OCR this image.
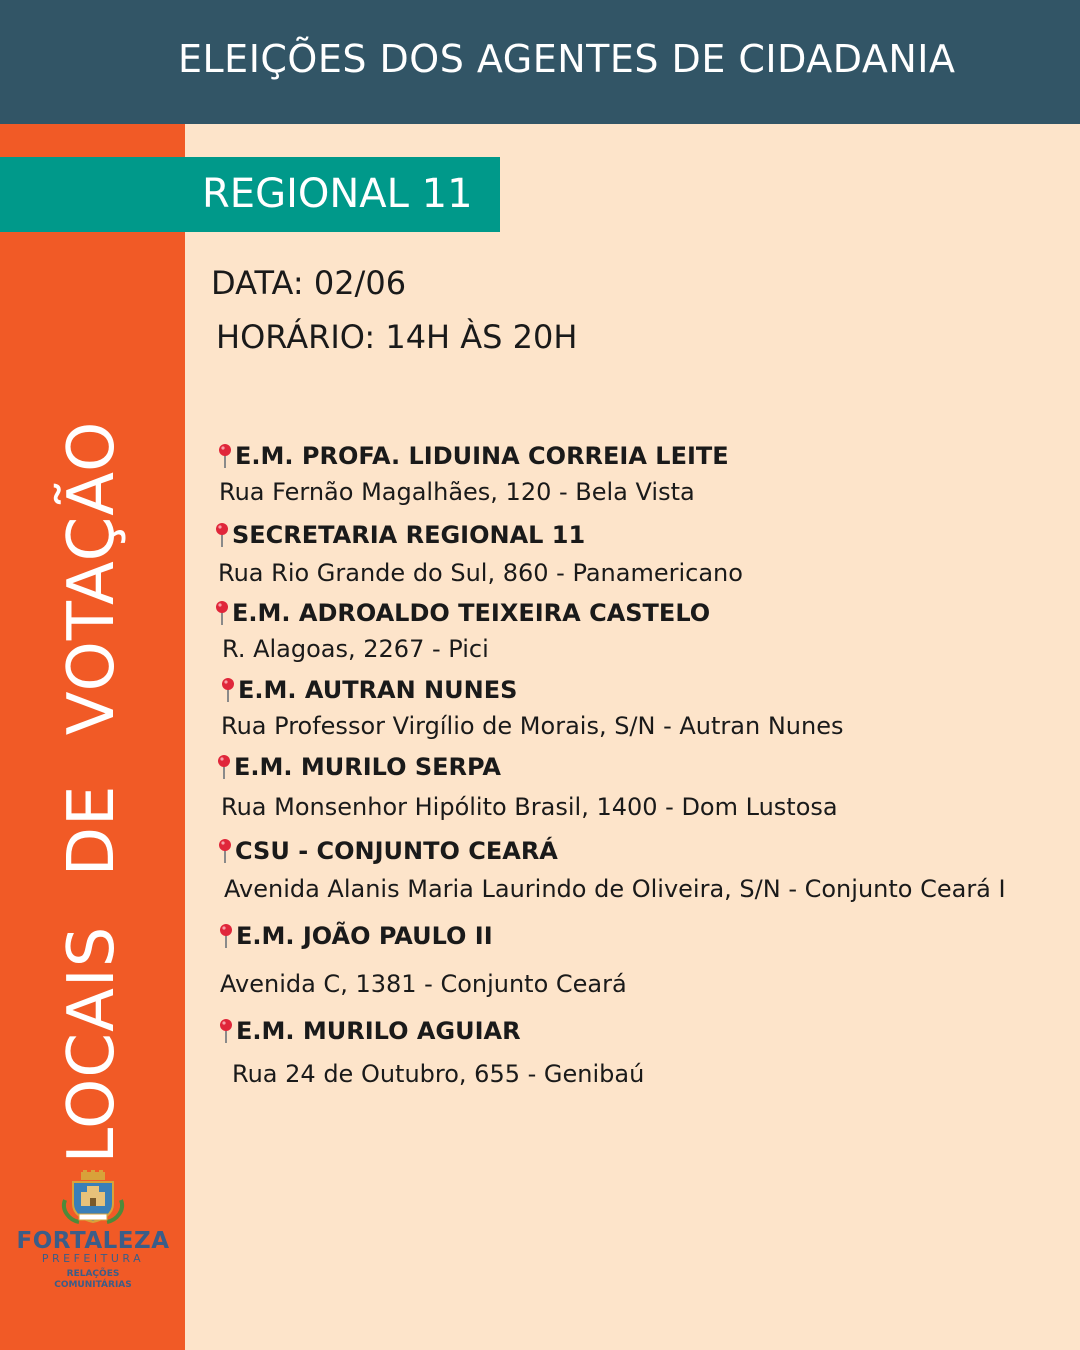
ELEIÇÕES DOS AGENTES DE CIDADANIA
LOCAIS DE VOTAÇÃO
REGIONAL 11
DATA: 02/06
HORÁRIO: 14H ÀS 20H
E.M. PROFA. LIDUINA CORREIA LEITE
Rua Fernão Magalhães, 120 - Bela Vista
SECRETARIA REGIONAL 11
Rua Rio Grande do Sul, 860 - Panamericano
E.M. ADROALDO TEIXEIRA CASTELO
R. Alagoas, 2267 - Pici
E.M. AUTRAN NUNES
Rua Professor Virgílio de Morais, S/N - Autran Nunes
E.M. MURILO SERPA
Rua Monsenhor Hipólito Brasil, 1400 - Dom Lustosa
CSU - CONJUNTO CEARÁ
Avenida Alanis Maria Laurindo de Oliveira, S/N - Conjunto Ceará I
E.M. JOÃO PAULO II
Avenida C, 1381 - Conjunto Ceará
E.M. MURILO AGUIAR
Rua 24 de Outubro, 655 - Genibaú
FORTALEZA
PREFEITURA
RELAÇÕES
COMUNITÁRIAS
